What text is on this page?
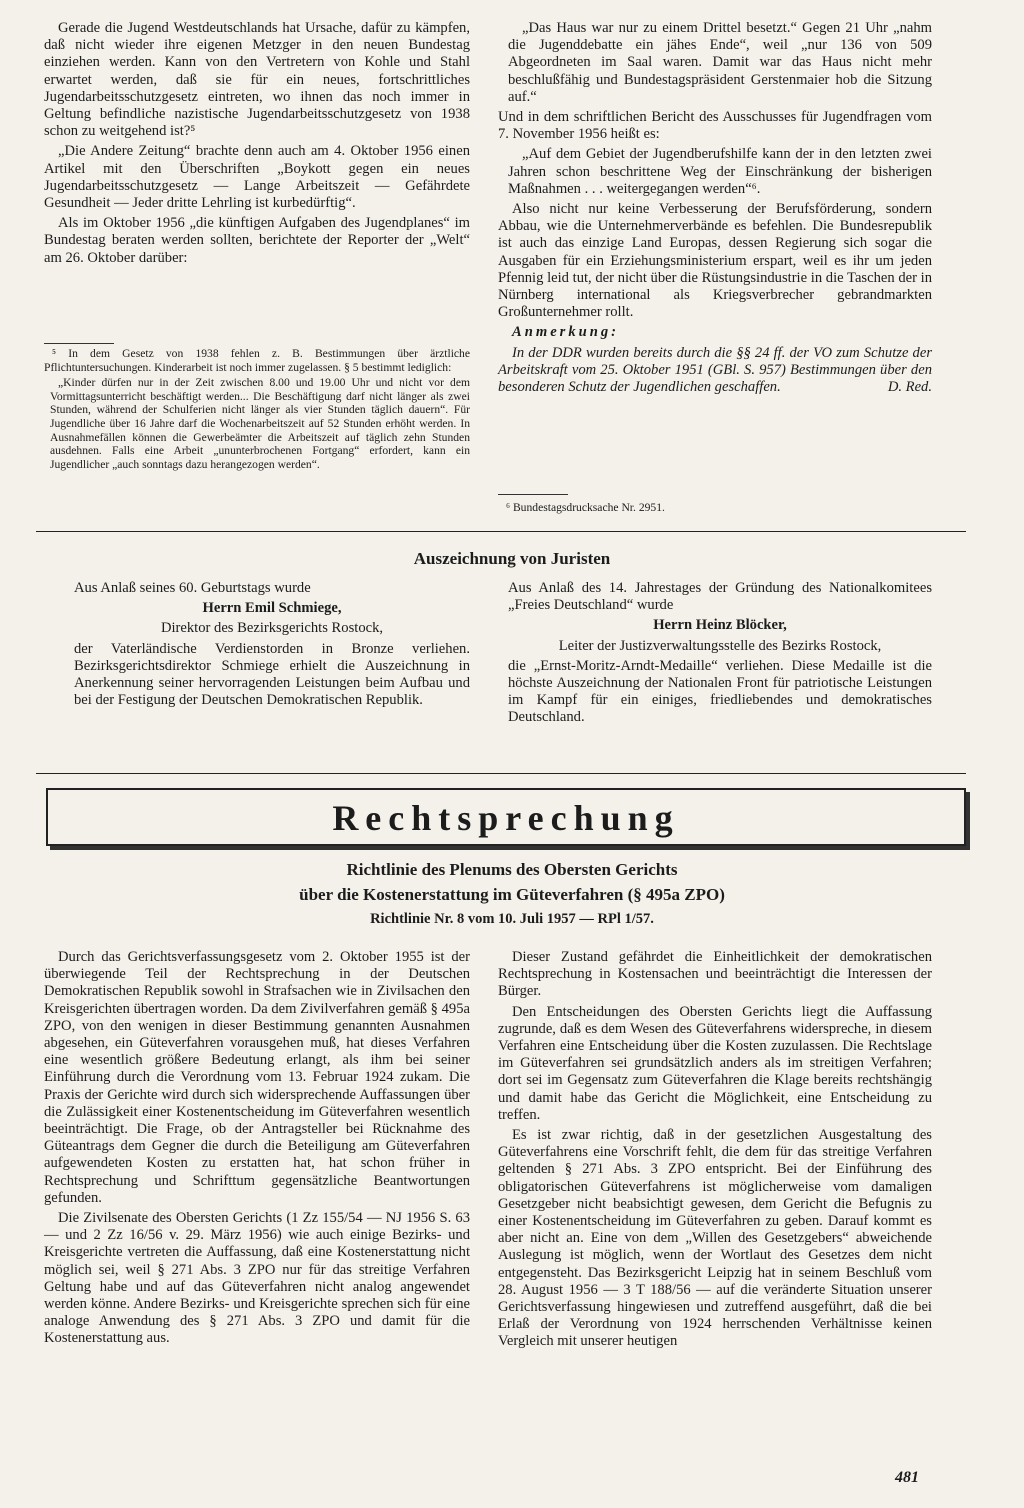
Gerade die Jugend Westdeutschlands hat Ursache, dafür zu kämpfen, daß nicht wieder ihre eigenen Metzger in den neuen Bundestag einziehen werden. Kann von den Vertretern von Kohle und Stahl erwartet werden, daß sie für ein neues, fortschrittliches Jugendarbeitsschutzgesetz eintreten, wo ihnen das noch immer in Geltung befindliche nazistische Jugendarbeitsschutzgesetz von 1938 schon zu weitgehend ist?⁵

„Die Andere Zeitung“ brachte denn auch am 4. Oktober 1956 einen Artikel mit den Überschriften „Boykott gegen ein neues Jugendarbeitsschutzgesetz — Lange Arbeitszeit — Gefährdete Gesundheit — Jeder dritte Lehrling ist kurbedürftig“.

Als im Oktober 1956 „die künftigen Aufgaben des Jugendplanes“ im Bundestag beraten werden sollten, berichtete der Reporter der „Welt“ am 26. Oktober darüber:

⁵ In dem Gesetz von 1938 fehlen z. B. Bestimmungen über ärztliche Pflichtuntersuchungen. Kinderarbeit ist noch immer zugelassen. § 5 bestimmt lediglich:

„Kinder dürfen nur in der Zeit zwischen 8.00 und 19.00 Uhr und nicht vor dem Vormittagsunterricht beschäftigt werden... Die Beschäftigung darf nicht länger als zwei Stunden, während der Schulferien nicht länger als vier Stunden täglich dauern“. Für Jugendliche über 16 Jahre darf die Wochenarbeitszeit auf 52 Stunden erhöht werden. In Ausnahmefällen können die Gewerbeämter die Arbeitszeit auf täglich zehn Stunden ausdehnen. Falls eine Arbeit „ununterbrochenen Fortgang“ erfordert, kann ein Jugendlicher „auch sonntags dazu herangezogen werden“.

„Das Haus war nur zu einem Drittel besetzt.“ Gegen 21 Uhr „nahm die Jugenddebatte ein jähes Ende“, weil „nur 136 von 509 Abgeordneten im Saal waren. Damit war das Haus nicht mehr beschlußfähig und Bundestagspräsident Gerstenmaier hob die Sitzung auf.“

Und in dem schriftlichen Bericht des Ausschusses für Jugendfragen vom 7. November 1956 heißt es:

„Auf dem Gebiet der Jugendberufshilfe kann der in den letzten zwei Jahren schon beschrittene Weg der Einschränkung der bisherigen Maßnahmen . . . weitergegangen werden“⁶.

Also nicht nur keine Verbesserung der Berufsförderung, sondern Abbau, wie die Unternehmerverbände es befehlen. Die Bundesrepublik ist auch das einzige Land Europas, dessen Regierung sich sogar die Ausgaben für ein Erziehungsministerium erspart, weil es ihr um jeden Pfennig leid tut, der nicht über die Rüstungsindustrie in die Taschen der in Nürnberg international als Kriegsverbrecher gebrandmarkten Großunternehmer rollt.

Anmerkung:

In der DDR wurden bereits durch die §§ 24 ff. der VO zum Schutze der Arbeitskraft vom 25. Oktober 1951 (GBl. S. 957) Bestimmungen über den besonderen Schutz der Jugendlichen geschaffen.	D. Red.

⁶ Bundestagsdrucksache Nr. 2951.

Auszeichnung von Juristen

Aus Anlaß seines 60. Geburtstags wurde

Herrn Emil Schmiege,

Direktor des Bezirksgerichts Rostock,

der Vaterländische Verdienstorden in Bronze verliehen. Bezirksgerichtsdirektor Schmiege erhielt die Auszeichnung in Anerkennung seiner hervorragenden Leistungen beim Aufbau und bei der Festigung der Deutschen Demokratischen Republik.

Aus Anlaß des 14. Jahrestages der Gründung des Nationalkomitees „Freies Deutschland“ wurde

Herrn Heinz Blöcker,

Leiter der Justizverwaltungsstelle des Bezirks Rostock,

die „Ernst-Moritz-Arndt-Medaille“ verliehen. Diese Medaille ist die höchste Auszeichnung der Nationalen Front für patriotische Leistungen im Kampf für ein einiges, friedliebendes und demokratisches Deutschland.

Rechtsprechung
Richtlinie des Plenums des Obersten Gerichts
über die Kostenerstattung im Güteverfahren (§ 495a ZPO)
Richtlinie Nr. 8 vom 10. Juli 1957 — RPl 1/57.

Durch das Gerichtsverfassungsgesetz vom 2. Oktober 1955 ist der überwiegende Teil der Rechtsprechung in der Deutschen Demokratischen Republik sowohl in Strafsachen wie in Zivilsachen den Kreisgerichten übertragen worden. Da dem Zivilverfahren gemäß § 495a ZPO, von den wenigen in dieser Bestimmung genannten Ausnahmen abgesehen, ein Güteverfahren vorausgehen muß, hat dieses Verfahren eine wesentlich größere Bedeutung erlangt, als ihm bei seiner Einführung durch die Verordnung vom 13. Februar 1924 zukam. Die Praxis der Gerichte wird durch sich widersprechende Auffassungen über die Zulässigkeit einer Kostenentscheidung im Güteverfahren wesentlich beeinträchtigt. Die Frage, ob der Antragsteller bei Rücknahme des Güteantrags dem Gegner die durch die Beteiligung am Güteverfahren aufgewendeten Kosten zu erstatten hat, hat schon früher in Rechtsprechung und Schrifttum gegensätzliche Beantwortungen gefunden.

Die Zivilsenate des Obersten Gerichts (1 Zz 155/54 — NJ 1956 S. 63 — und 2 Zz 16/56 v. 29. März 1956) wie auch einige Bezirks- und Kreisgerichte vertreten die Auffassung, daß eine Kostenerstattung nicht möglich sei, weil § 271 Abs. 3 ZPO nur für das streitige Verfahren Geltung habe und auf das Güteverfahren nicht analog angewendet werden könne. Andere Bezirks- und Kreisgerichte sprechen sich für eine analoge Anwendung des § 271 Abs. 3 ZPO und damit für die Kostenerstattung aus.

Dieser Zustand gefährdet die Einheitlichkeit der demokratischen Rechtsprechung in Kostensachen und beeinträchtigt die Interessen der Bürger.

Den Entscheidungen des Obersten Gerichts liegt die Auffassung zugrunde, daß es dem Wesen des Güteverfahrens widerspreche, in diesem Verfahren eine Entscheidung über die Kosten zuzulassen. Die Rechtslage im Güteverfahren sei grundsätzlich anders als im streitigen Verfahren; dort sei im Gegensatz zum Güteverfahren die Klage bereits rechtshängig und damit habe das Gericht die Möglichkeit, eine Entscheidung zu treffen.

Es ist zwar richtig, daß in der gesetzlichen Ausgestaltung des Güteverfahrens eine Vorschrift fehlt, die dem für das streitige Verfahren geltenden § 271 Abs. 3 ZPO entspricht. Bei der Einführung des obligatorischen Güteverfahrens ist möglicherweise vom damaligen Gesetzgeber nicht beabsichtigt gewesen, dem Gericht die Befugnis zu einer Kostenentscheidung im Güteverfahren zu geben. Darauf kommt es aber nicht an. Eine von dem „Willen des Gesetzgebers“ abweichende Auslegung ist möglich, wenn der Wortlaut des Gesetzes dem nicht entgegensteht. Das Bezirksgericht Leipzig hat in seinem Beschluß vom 28. August 1956 — 3 T 188/56 — auf die veränderte Situation unserer Gerichtsverfassung hingewiesen und zutreffend ausgeführt, daß die bei Erlaß der Verordnung von 1924 herrschenden Verhältnisse keinen Vergleich mit unserer heutigen

481
